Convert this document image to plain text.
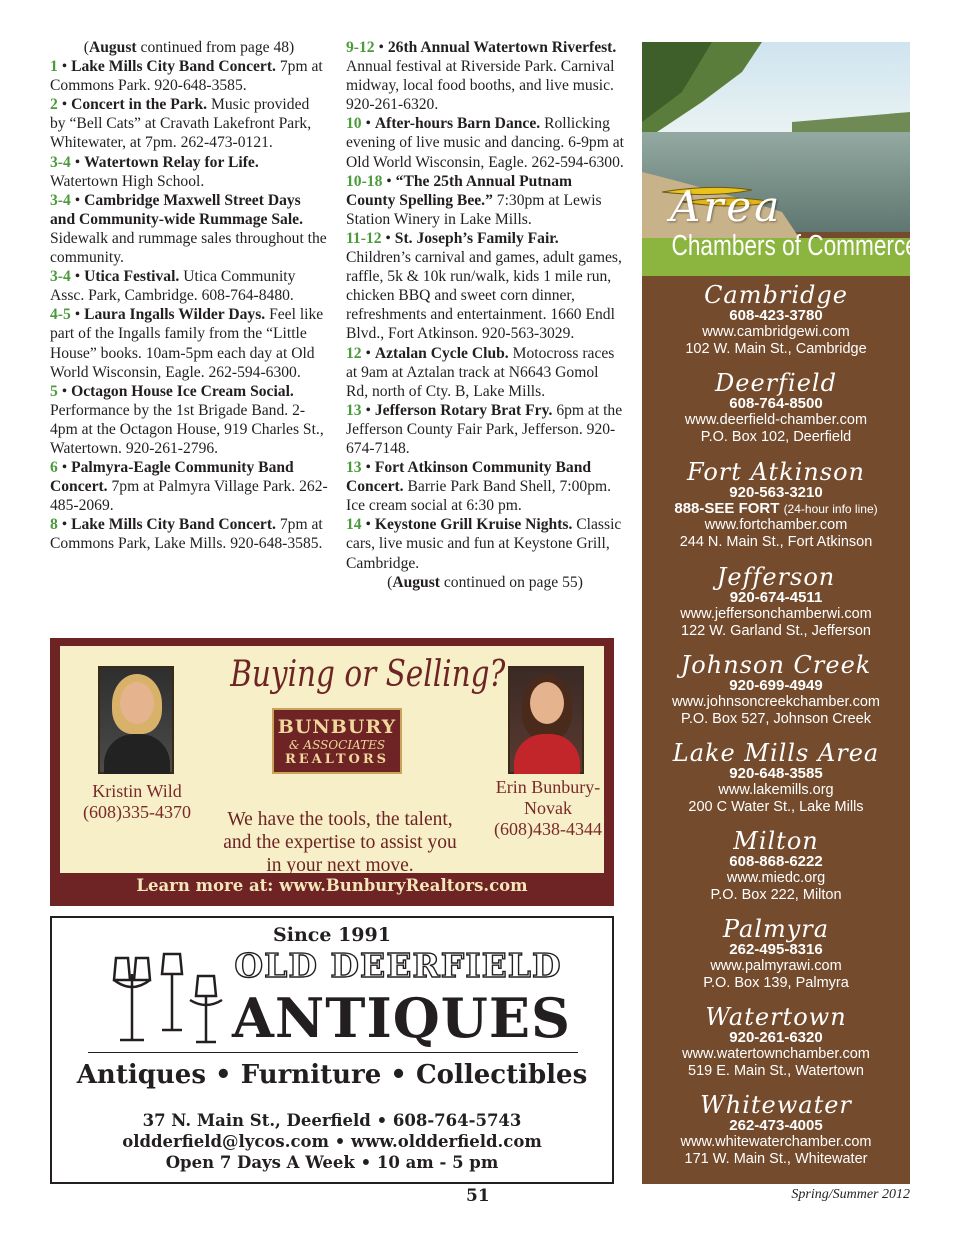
(August continued from page 48)
1 • Lake Mills City Band Concert. 7pm at Commons Park. 920-648-3585.
2 • Concert in the Park. Music provided by “Bell Cats” at Cravath Lakefront Park, Whitewater, at 7pm. 262-473-0121.
3-4 • Watertown Relay for Life. Watertown High School.
3-4 • Cambridge Maxwell Street Days and Community-wide Rummage Sale. Sidewalk and rummage sales throughout the community.
3-4 • Utica Festival. Utica Community Assc. Park, Cambridge. 608-764-8480.
4-5 • Laura Ingalls Wilder Days. Feel like part of the Ingalls family from the “Little House” books. 10am-5pm each day at Old World Wisconsin, Eagle. 262-594-6300.
5 • Octagon House Ice Cream Social. Performance by the 1st Brigade Band. 2-4pm at the Octagon House, 919 Charles St., Watertown. 920-261-2796.
6 • Palmyra-Eagle Community Band Concert. 7pm at Palmyra Village Park. 262-485-2069.
8 • Lake Mills City Band Concert. 7pm at Commons Park, Lake Mills. 920-648-3585.
9-12 • 26th Annual Watertown Riverfest. Annual festival at Riverside Park. Carnival midway, local food booths, and live music. 920-261-6320.
10 • After-hours Barn Dance. Rollicking evening of live music and dancing. 6-9pm at Old World Wisconsin, Eagle. 262-594-6300.
10-18 • “The 25th Annual Putnam County Spelling Bee.” 7:30pm at Lewis Station Winery in Lake Mills.
11-12 • St. Joseph’s Family Fair. Children’s carnival and games, adult games, raffle, 5k & 10k run/walk, kids 1 mile run, chicken BBQ and sweet corn dinner, refreshments and entertainment. 1660 Endl Blvd., Fort Atkinson. 920-563-3029.
12 • Aztalan Cycle Club. Motocross races at 9am at Aztalan track at N6643 Gomol Rd, north of Cty. B, Lake Mills.
13 • Jefferson Rotary Brat Fry. 6pm at the Jefferson County Fair Park, Jefferson. 920-674-7148.
13 • Fort Atkinson Community Band Concert. Barrie Park Band Shell, 7:00pm. Ice cream social at 6:30 pm.
14 • Keystone Grill Kruise Nights. Classic cars, live music and fun at Keystone Grill, Cambridge.
(August continued on page 55)
Buying or Selling?
BUNBURY
& ASSOCIATES
REALTORS
Kristin Wild
(608)335-4370
Erin Bunbury-
Novak
(608)438-4344
We have the tools, the talent,
and the expertise to assist you
in your next move.
Learn more at: www.BunburyRealtors.com
Since 1991
OLD DEERFIELD
ANTIQUES
Antiques • Furniture • Collectibles
37 N. Main St., Deerfield • 608-764-5743
oldderfield@lycos.com • www.oldderfield.com
Open 7 Days A Week • 10 am - 5 pm
Area
Chambers of Commerce
Cambridge
608-423-3780
www.cambridgewi.com
102 W. Main St., Cambridge
Deerfield
608-764-8500
www.deerfield-chamber.com
P.O. Box 102, Deerfield
Fort Atkinson
920-563-3210
888-SEE FORT (24-hour info line)
www.fortchamber.com
244 N. Main St., Fort Atkinson
Jefferson
920-674-4511
www.jeffersonchamberwi.com
122 W. Garland St., Jefferson
Johnson Creek
920-699-4949
www.johnsoncreekchamber.com
P.O. Box 527, Johnson Creek
Lake Mills Area
920-648-3585
www.lakemills.org
200 C Water St., Lake Mills
Milton
608-868-6222
www.miedc.org
P.O. Box 222, Milton
Palmyra
262-495-8316
www.palmyrawi.com
P.O. Box 139, Palmyra
Watertown
920-261-6320
www.watertownchamber.com
519 E. Main St., Watertown
Whitewater
262-473-4005
www.whitewaterchamber.com
171 W. Main St., Whitewater
51	Spring/Summer 2012
